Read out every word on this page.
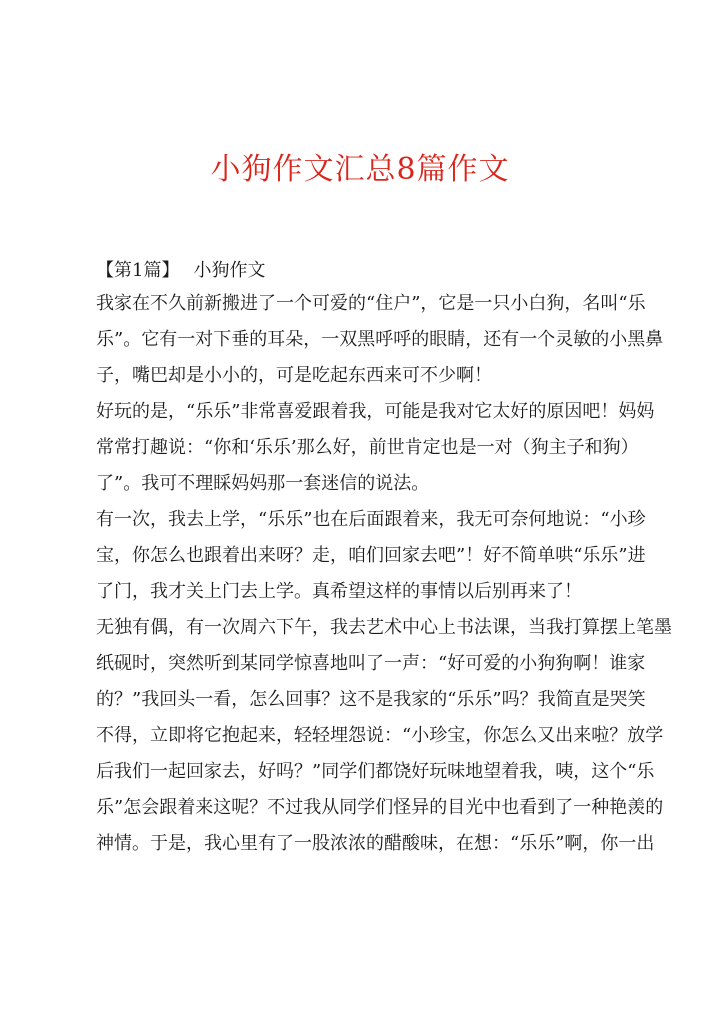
小狗作文汇总8篇作文
【第1篇】 小狗作文
我家在不久前新搬进了一个可爱的“住户”，它是一只小白狗，名叫“乐
乐”。它有一对下垂的耳朵，一双黑呼呼的眼睛，还有一个灵敏的小黑鼻
子，嘴巴却是小小的，可是吃起东西来可不少啊！
好玩的是，“乐乐”非常喜爱跟着我，可能是我对它太好的原因吧！妈妈
常常打趣说：“你和‘乐乐’那么好，前世肯定也是一对（狗主子和狗）
了”。我可不理睬妈妈那一套迷信的说法。
有一次，我去上学，“乐乐”也在后面跟着来，我无可奈何地说：“小珍
宝，你怎么也跟着出来呀？走，咱们回家去吧”！好不简单哄“乐乐”进
了门，我才关上门去上学。真希望这样的事情以后别再来了！
无独有偶，有一次周六下午，我去艺术中心上书法课，当我打算摆上笔墨
纸砚时，突然听到某同学惊喜地叫了一声：“好可爱的小狗狗啊！谁家
的？”我回头一看，怎么回事？这不是我家的“乐乐”吗？我简直是哭笑
不得，立即将它抱起来，轻轻埋怨说：“小珍宝，你怎么又出来啦？放学
后我们一起回家去，好吗？”同学们都饶好玩味地望着我，咦，这个“乐
乐”怎会跟着来这呢？不过我从同学们怪异的目光中也看到了一种艳羡的
神情。于是，我心里有了一股浓浓的醋酸味，在想：“乐乐”啊，你一出
